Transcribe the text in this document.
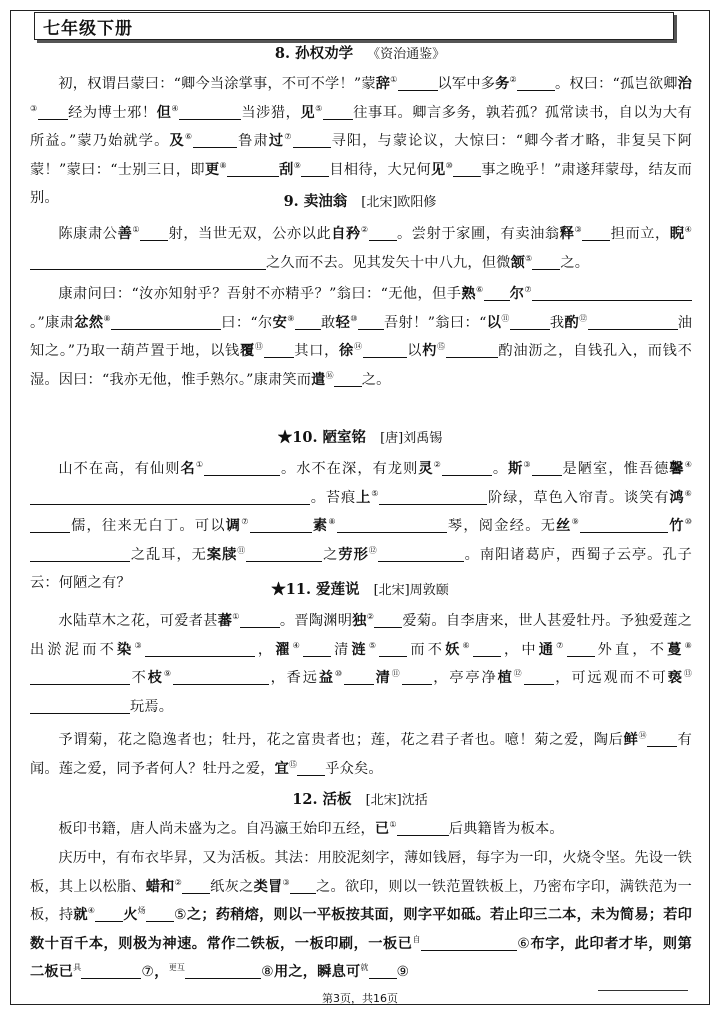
七年级下册
8. 孙权劝学 《资治通鉴》
初，权谓吕蒙曰：“卿今当涂掌事，不可不学！”蒙辞①	以军中多务②	。权曰：“孤岂欲卿治③ 经为博士邪！但④	当涉猎，见⑤ 往事耳。卿言多务，孰若孤？孤常读书，自以为大有所益。”蒙乃始就学。及⑥	鲁肃过⑦	寻阳，与蒙论议，大惊曰：“卿今者才略，非复吴下阿蒙！”蒙曰：“士别三日，即更⑧	刮⑨ 目相待，大兄何见⑩ 事之晚乎！”肃遂拜蒙母，结友而别。	9. 卖油翁 [北宋]欧阳修
陈康肃公善① 射，当世无双，公亦以此自矜② 。尝射于家圃，有卖油翁释③ 担而立，睨④之久而不去。见其发矢十中八九，但微颔⑤ 之。
康肃问曰：“汝亦知射乎？吾射不亦精乎？”翁曰：“无他，但手熟⑥ 尔⑦。”康肃忿然⑧	曰：“尔安⑨ 敢轻⑩ 吾射！”翁曰：“以⑪	我酌⑫	油知之。”乃取一葫芦置于地，以钱覆⑬ 其口，徐⑭	以杓⑮	酌油沥之，自钱孔入，而钱不湿。因曰：“我亦无他，惟手熟尔。”康肃笑而遣⑯ 之。
★10. 陋室铭 [唐]刘禹锡
山不在高，有仙则名①	。水不在深，有龙则灵②	。斯③ 是陋室，惟吾德馨④。苔痕上⑤	阶绿，草色入帘青。谈笑有鸿⑥儒，往来无白丁。可以调⑦	素⑧	琴，阅金经。无丝⑨	竹⑩之乱耳，无案牍⑪	之劳形⑫	。南阳诸葛庐，西蜀子云亭。孔子云：何陋之有？	★11. 爱莲说 [北宋]周敦颐
水陆草木之花，可爱者甚蕃①	。晋陶渊明独② 爱菊。自李唐来，世人甚爱牡丹。予独爱莲之出淤泥而不染③	，濯④ 清涟⑤ 而不妖⑥ ，中通⑦ 外直，不蔓⑧不枝⑨	，香远益⑩ 清⑪ ，亭亭净植⑫ ，可远观而不可亵⑬玩焉。
予谓菊，花之隐逸者也；牡丹，花之富贵者也；莲，花之君子者也。噫！菊之爱，陶后鲜⑭ 有闻。莲之爱，同予者何人？牡丹之爱，宜⑮ 乎众矣。
12. 活板 [北宋]沈括
板印书籍，唐人尚未盛为之。自冯瀛王始印五经，已①	后典籍皆为板本。
庆历中，有布衣毕昇，又为活板。其法：用胶泥刻字，薄如钱唇，每字为一印，火烧令坚。先设一铁板，其上以松脂、蜡和② 纸灰之类冒③ 之。欲印，则以一铁范置铁板上，乃密布字印，满铁范为一板，持就④ 火$^炀$ ⑤之；药稍熔，则以一平板按其面，则字平如砥。若止印三二本，未为简易；若印数十百千本，则极为神速。常作二铁板，一板印刷，一板已$^自$	⑥布字，此印者才毕，则第二板已$^具$	⑦，$^{更互}$	⑧用之，瞬息可$^就$ ⑨
第3页，共16页
